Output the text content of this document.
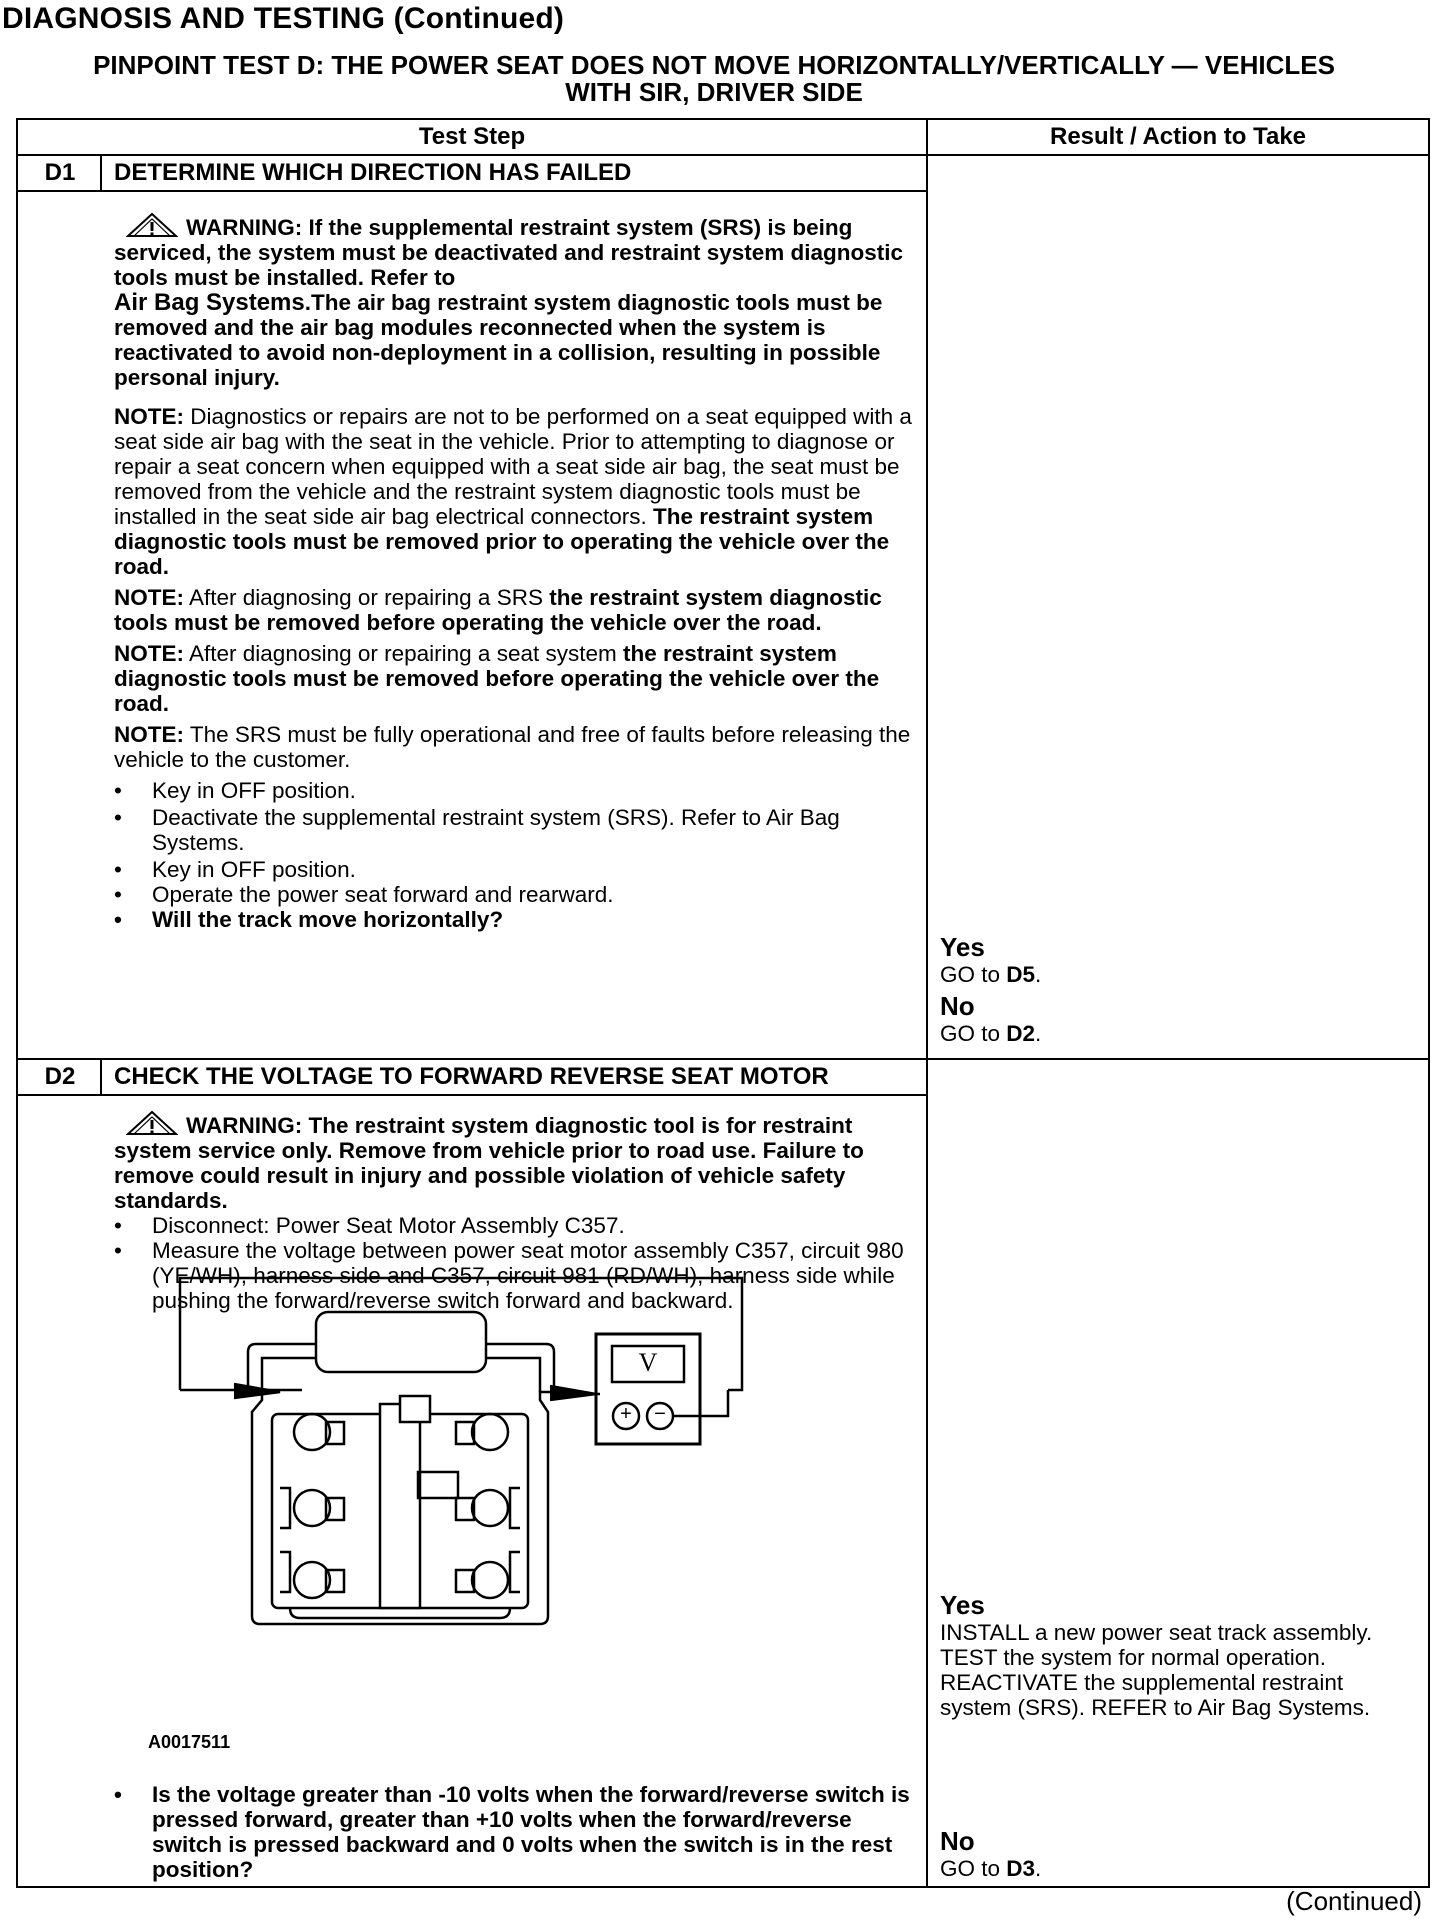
DIAGNOSIS AND TESTING (Continued)
PINPOINT TEST D: THE POWER SEAT DOES NOT MOVE HORIZONTALLY/VERTICALLY — VEHICLES
WITH SIR, DRIVER SIDE
Test Step	Result / Action to Take
D1	DETERMINE WHICH DIRECTION HAS FAILED

WARNING: If the supplemental restraint system (SRS) is being serviced, the system must be deactivated and restraint system diagnostic tools must be installed. Refer to
Air Bag Systems.The air bag restraint system diagnostic tools must be removed and the air bag modules reconnected when the system is reactivated to avoid non-deployment in a collision, resulting in possible personal injury.

NOTE: Diagnostics or repairs are not to be performed on a seat equipped with a seat side air bag with the seat in the vehicle. Prior to attempting to diagnose or repair a seat concern when equipped with a seat side air bag, the seat must be removed from the vehicle and the restraint system diagnostic tools must be installed in the seat side air bag electrical connectors. The restraint system diagnostic tools must be removed prior to operating the vehicle over the road.

NOTE: After diagnosing or repairing a SRS the restraint system diagnostic tools must be removed before operating the vehicle over the road.

NOTE: After diagnosing or repairing a seat system the restraint system diagnostic tools must be removed before operating the vehicle over the road.

NOTE: The SRS must be fully operational and free of faults before releasing the vehicle to the customer.

• Key in OFF position.
• Deactivate the supplemental restraint system (SRS). Refer to Air Bag Systems.
• Key in OFF position.
• Operate the power seat forward and rearward.
• Will the track move horizontally?
Yes
GO to D5.
No
GO to D2.
D2	CHECK THE VOLTAGE TO FORWARD REVERSE SEAT MOTOR

WARNING: The restraint system diagnostic tool is for restraint system service only. Remove from vehicle prior to road use. Failure to remove could result in injury and possible violation of vehicle safety standards.

• Disconnect: Power Seat Motor Assembly C357.
• Measure the voltage between power seat motor assembly C357, circuit 980 (YE/WH), harness side and C357, circuit 981 (RD/WH), harness side while pushing the forward/reverse switch forward and backward.
• Is the voltage greater than -10 volts when the forward/reverse switch is pressed forward, greater than +10 volts when the forward/reverse switch is pressed backward and 0 volts when the switch is in the rest position?
Yes
INSTALL a new power seat track assembly. TEST the system for normal operation. REACTIVATE the supplemental restraint system (SRS). REFER to Air Bag Systems.
No
GO to D3.
V
+	−
A0017511
(Continued)
